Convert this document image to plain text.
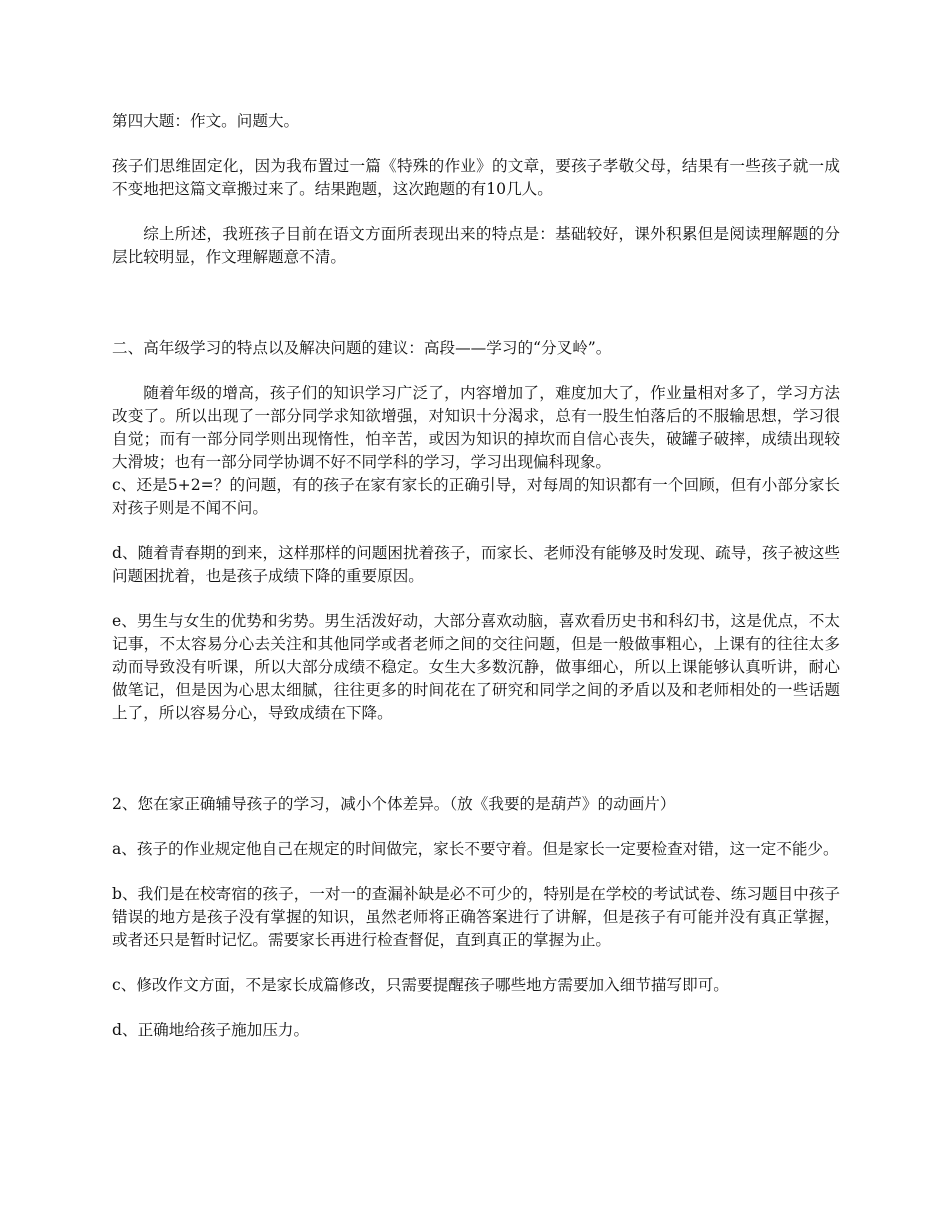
第四大题：作文。问题大。

孩子们思维固定化，因为我布置过一篇《特殊的作业》的文章，要孩子孝敬父母，结果有一些孩子就一成不变地把这篇文章搬过来了。结果跑题，这次跑题的有10几人。

综上所述，我班孩子目前在语文方面所表现出来的特点是：基础较好，课外积累但是阅读理解题的分层比较明显，作文理解题意不清。

二、高年级学习的特点以及解决问题的建议：高段——学习的“分叉岭”。

随着年级的增高，孩子们的知识学习广泛了，内容增加了，难度加大了，作业量相对多了，学习方法改变了。所以出现了一部分同学求知欲增强，对知识十分渴求，总有一股生怕落后的不服输思想，学习很自觉；而有一部分同学则出现惰性，怕辛苦，或因为知识的掉坎而自信心丧失，破罐子破摔，成绩出现较大滑坡；也有一部分同学协调不好不同学科的学习，学习出现偏科现象。

c、还是5+2=？的问题，有的孩子在家有家长的正确引导，对每周的知识都有一个回顾，但有小部分家长对孩子则是不闻不问。

d、随着青春期的到来，这样那样的问题困扰着孩子，而家长、老师没有能够及时发现、疏导，孩子被这些问题困扰着，也是孩子成绩下降的重要原因。

e、男生与女生的优势和劣势。男生活泼好动，大部分喜欢动脑，喜欢看历史书和科幻书，这是优点，不太记事，不太容易分心去关注和其他同学或者老师之间的交往问题，但是一般做事粗心，上课有的往往太多动而导致没有听课，所以大部分成绩不稳定。女生大多数沉静，做事细心，所以上课能够认真听讲，耐心做笔记，但是因为心思太细腻，往往更多的时间花在了研究和同学之间的矛盾以及和老师相处的一些话题上了，所以容易分心，导致成绩在下降。

2、您在家正确辅导孩子的学习，减小个体差异。（放《我要的是葫芦》的动画片）

a、孩子的作业规定他自己在规定的时间做完，家长不要守着。但是家长一定要检查对错，这一定不能少。

b、我们是在校寄宿的孩子，一对一的查漏补缺是必不可少的，特别是在学校的考试试卷、练习题目中孩子错误的地方是孩子没有掌握的知识，虽然老师将正确答案进行了讲解，但是孩子有可能并没有真正掌握，或者还只是暂时记忆。需要家长再进行检查督促，直到真正的掌握为止。

c、修改作文方面，不是家长成篇修改，只需要提醒孩子哪些地方需要加入细节描写即可。

d、正确地给孩子施加压力。
